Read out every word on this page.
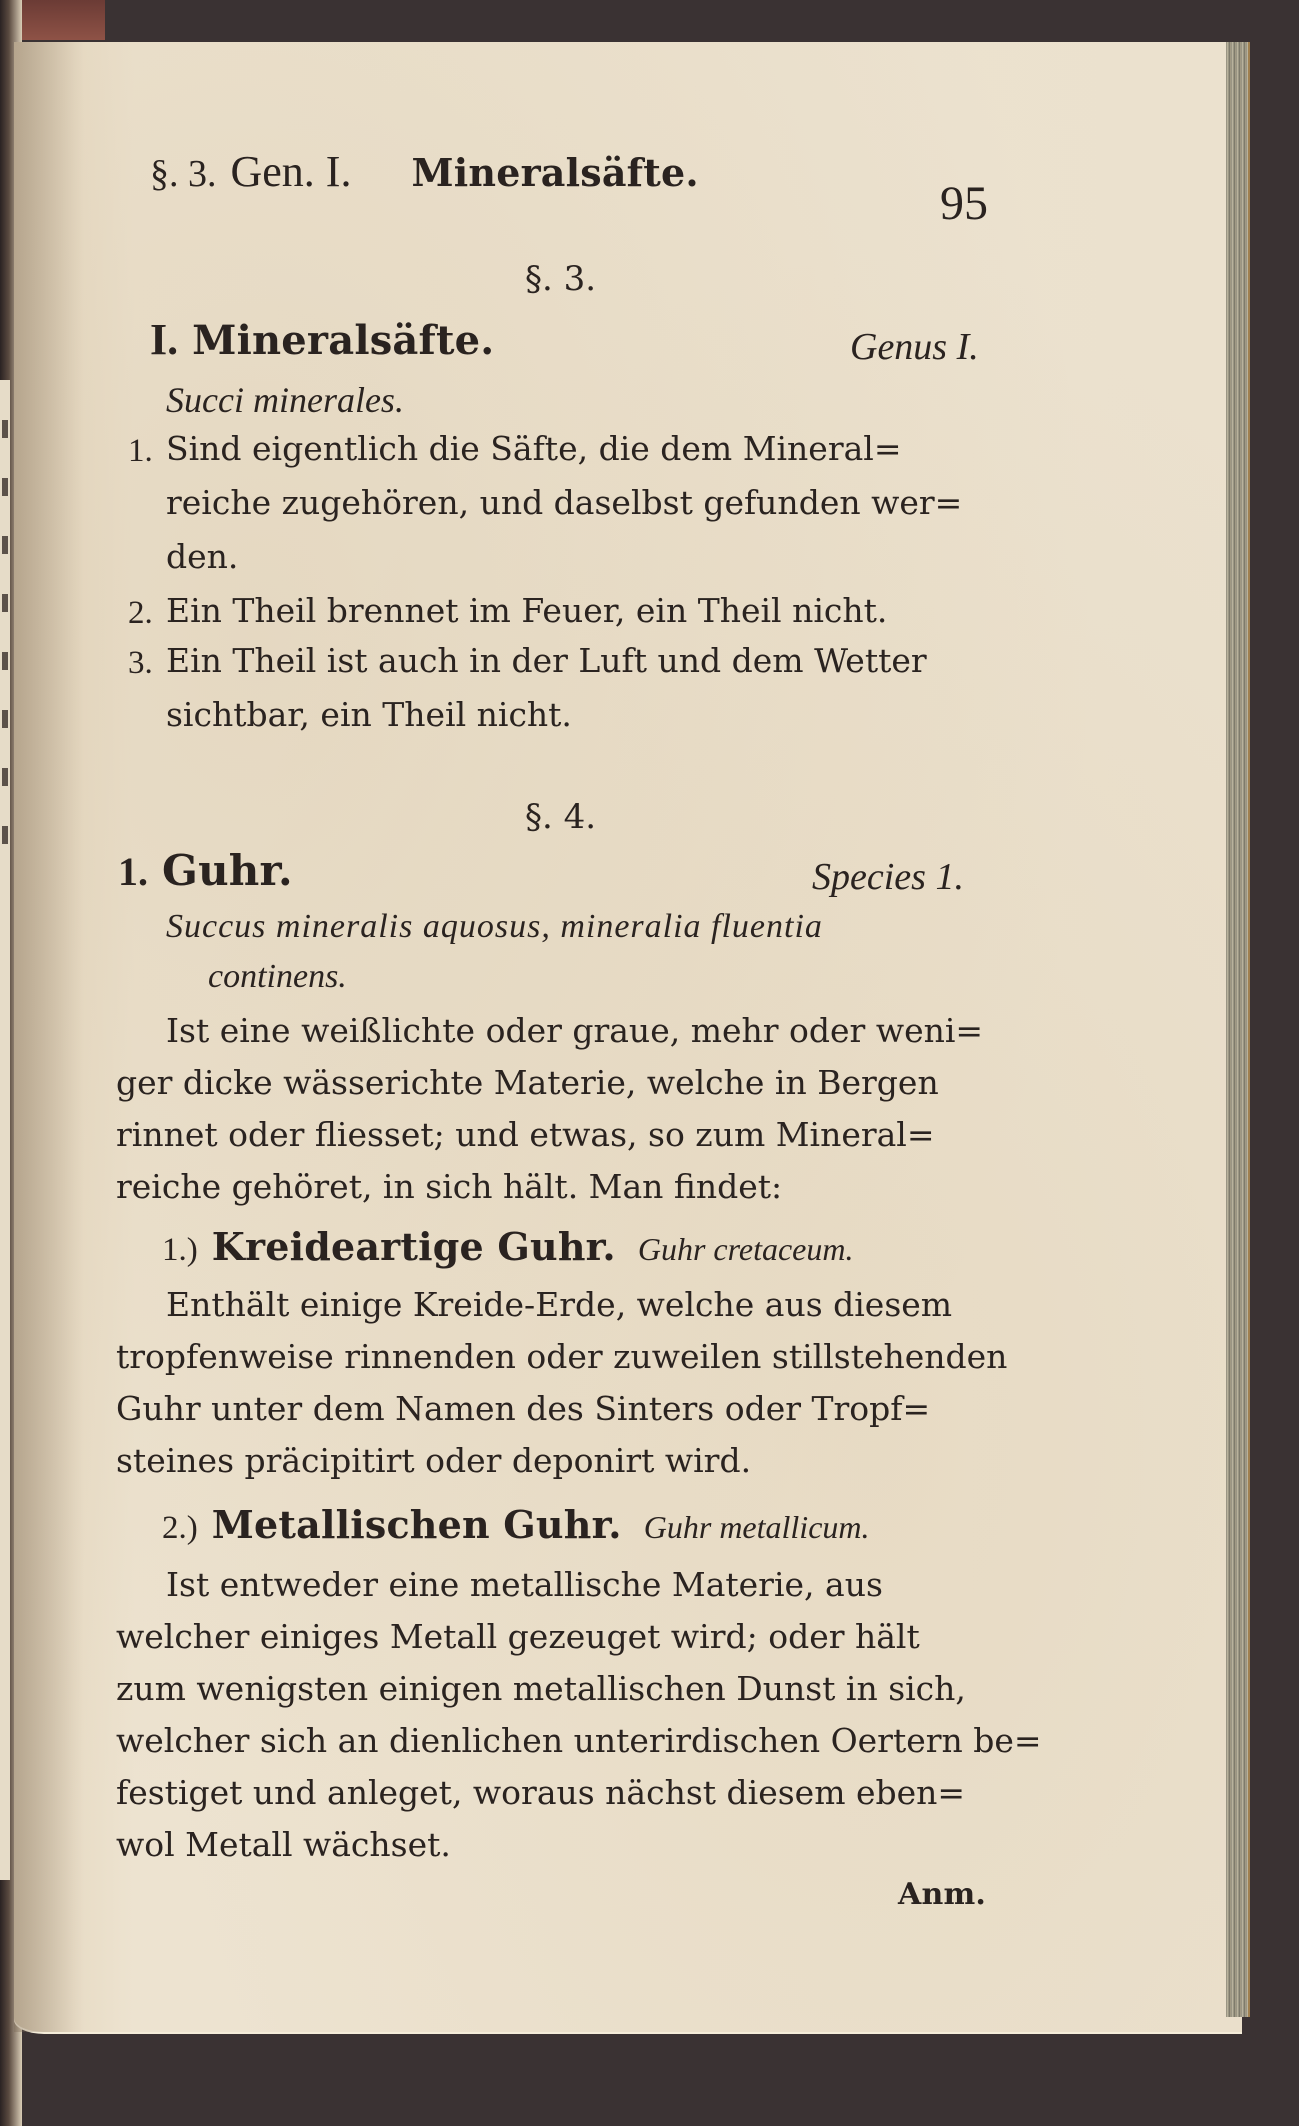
§. 3. Gen. I. Mineralsäfte.
95
§. 3.
I. Mineralsäfte.	Genus I.
Succi minerales.
1. Sind eigentlich die Säfte, die dem Mineral=
reiche zugehören, und daselbst gefunden wer=
den.
2. Ein Theil brennet im Feuer, ein Theil nicht.
3. Ein Theil ist auch in der Luft und dem Wetter
sichtbar, ein Theil nicht.
§. 4.
1. Guhr.	Species 1.
Succus mineralis aquosus, mineralia fluentia
continens.
Ist eine weißlichte oder graue, mehr oder weni=
ger dicke wässerichte Materie, welche in Bergen
rinnet oder fliesset; und etwas, so zum Mineral=
reiche gehöret, in sich hält. Man findet:
1.) Kreideartige Guhr. Guhr cretaceum.
Enthält einige Kreide-Erde, welche aus diesem
tropfenweise rinnenden oder zuweilen stillstehenden
Guhr unter dem Namen des Sinters oder Tropf=
steines präcipitirt oder deponirt wird.
2.) Metallischen Guhr. Guhr metallicum.
Ist entweder eine metallische Materie, aus
welcher einiges Metall gezeuget wird; oder hält
zum wenigsten einigen metallischen Dunst in sich,
welcher sich an dienlichen unterirdischen Oertern be=
festiget und anleget, woraus nächst diesem eben=
wol Metall wächset.
Anm.
